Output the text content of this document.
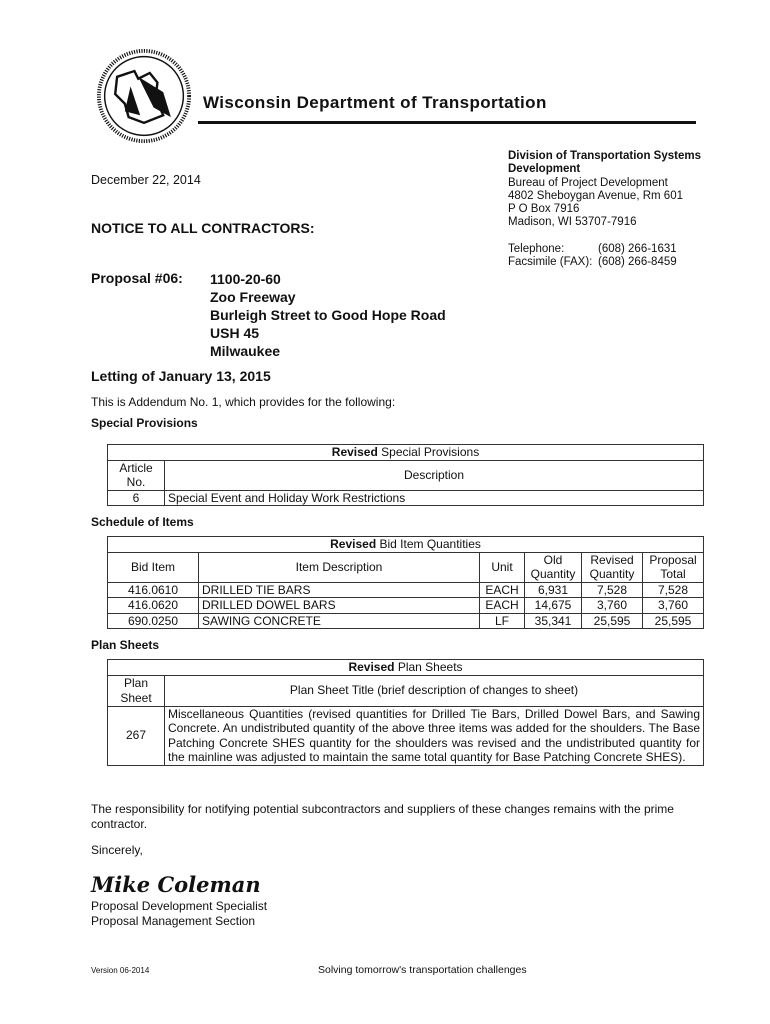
Wisconsin Department of Transportation
Division of Transportation Systems
Development
Bureau of Project Development
4802 Sheboygan Avenue, Rm 601
P O Box 7916
Madison, WI 53707-7916
Telephone:	(608) 266-1631
Facsimile (FAX): (608) 266-8459
December 22, 2014
NOTICE TO ALL CONTRACTORS:
Proposal #06: 1100-20-60
Zoo Freeway
Burleigh Street to Good Hope Road
USH 45
Milwaukee
Letting of January 13, 2015
This is Addendum No. 1, which provides for the following:
Special Provisions
Revised Special Provisions	
Article No.	Description
6	Special Event and Holiday Work Restrictions
Schedule of Items
Revised Bid Item Quantities					
Bid Item	Item Description	Unit	Old Quantity	Revised Quantity	Proposal Total
416.0610	DRILLED TIE BARS	EACH	6,931	7,528	7,528
416.0620	DRILLED DOWEL BARS	EACH	14,675	3,760	3,760
690.0250	SAWING CONCRETE	LF	35,341	25,595	25,595
Plan Sheets
Revised Plan Sheets	
Plan Sheet	Plan Sheet Title (brief description of changes to sheet)
267	Miscellaneous Quantities (revised quantities for Drilled Tie Bars, Drilled Dowel Bars, and Sawing Concrete. An undistributed quantity of the above three items was added for the shoulders. The Base Patching Concrete SHES quantity for the shoulders was revised and the undistributed quantity for the mainline was adjusted to maintain the same total quantity for Base Patching Concrete SHES).
The responsibility for notifying potential subcontractors and suppliers of these changes remains with the prime contractor.
Sincerely,
Mike Coleman
Proposal Development Specialist
Proposal Management Section
Version 06-2014	Solving tomorrow's transportation challenges
